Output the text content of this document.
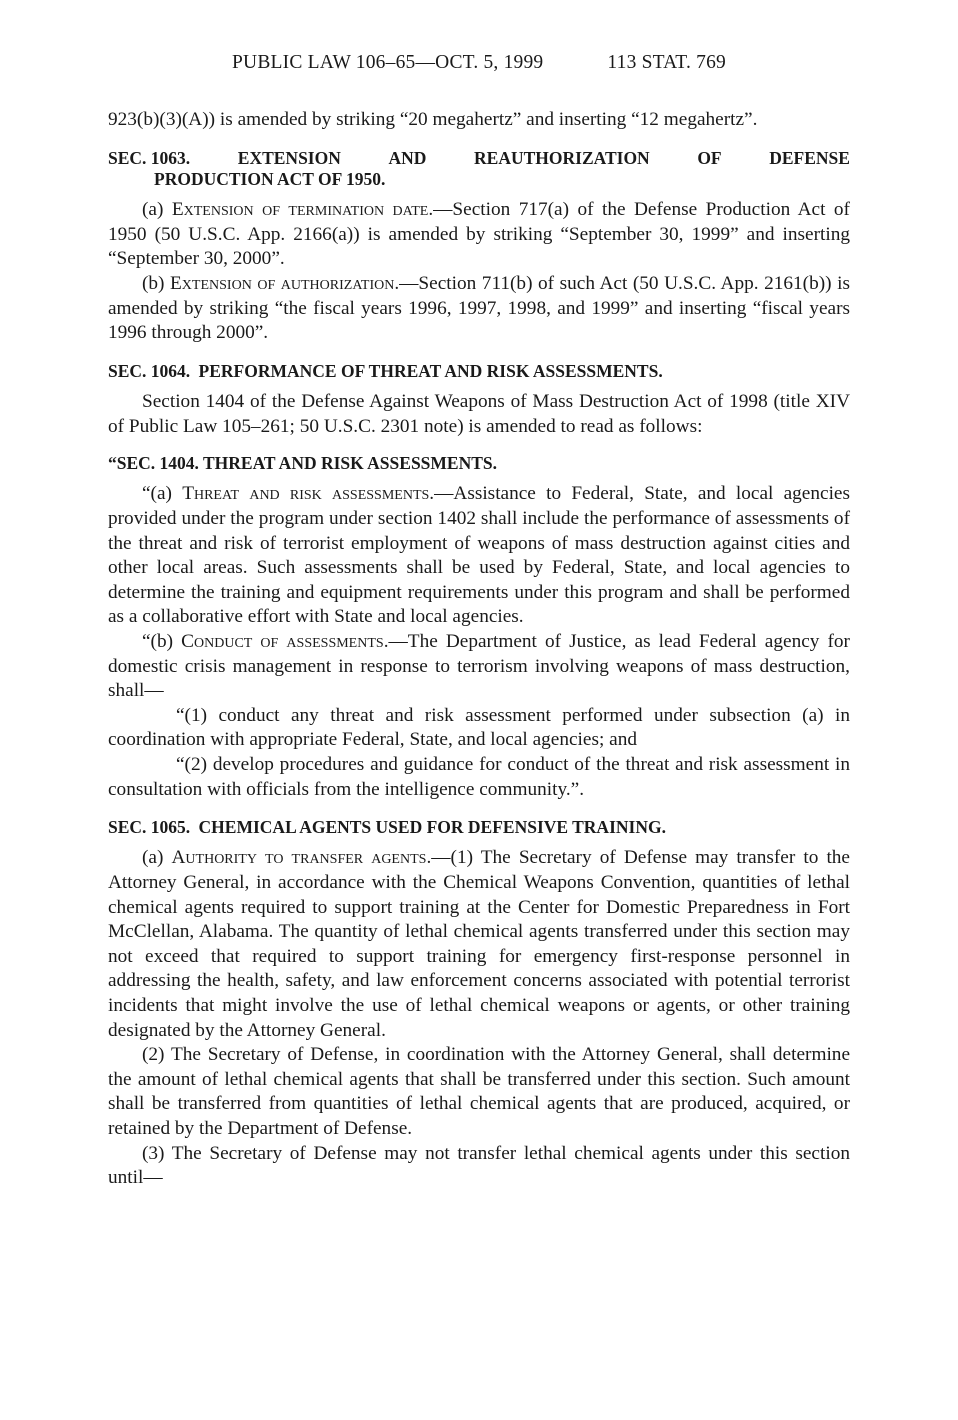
PUBLIC LAW 106–65—OCT. 5, 1999	113 STAT. 769

923(b)(3)(A)) is amended by striking “20 megahertz” and inserting “12 megahertz”.

SEC. 1063.	EXTENSION	AND	REAUTHORIZATION	OF	DEFENSE
PRODUCTION ACT OF 1950.

(a) Extension of termination date.—Section 717(a) of the Defense Production Act of 1950 (50 U.S.C. App. 2166(a)) is amended by striking “September 30, 1999” and inserting “September 30, 2000”.

(b) Extension of authorization.—Section 711(b) of such Act (50 U.S.C. App. 2161(b)) is amended by striking “the fiscal years 1996, 1997, 1998, and 1999” and inserting “fiscal years 1996 through 2000”.

SEC. 1064. PERFORMANCE OF THREAT AND RISK ASSESSMENTS.

Section 1404 of the Defense Against Weapons of Mass Destruction Act of 1998 (title XIV of Public Law 105–261; 50 U.S.C. 2301 note) is amended to read as follows:

“SEC. 1404. THREAT AND RISK ASSESSMENTS.

“(a) Threat and risk assessments.—Assistance to Federal, State, and local agencies provided under the program under section 1402 shall include the performance of assessments of the threat and risk of terrorist employment of weapons of mass destruction against cities and other local areas. Such assessments shall be used by Federal, State, and local agencies to determine the training and equipment requirements under this program and shall be performed as a collaborative effort with State and local agencies.

“(b) Conduct of assessments.—The Department of Justice, as lead Federal agency for domestic crisis management in response to terrorism involving weapons of mass destruction, shall—

“(1) conduct any threat and risk assessment performed under subsection (a) in coordination with appropriate Federal, State, and local agencies; and

“(2) develop procedures and guidance for conduct of the threat and risk assessment in consultation with officials from the intelligence community.”.

SEC. 1065. CHEMICAL AGENTS USED FOR DEFENSIVE TRAINING.

(a) Authority to transfer agents.—(1) The Secretary of Defense may transfer to the Attorney General, in accordance with the Chemical Weapons Convention, quantities of lethal chemical agents required to support training at the Center for Domestic Preparedness in Fort McClellan, Alabama. The quantity of lethal chemical agents transferred under this section may not exceed that required to support training for emergency first-response personnel in addressing the health, safety, and law enforcement concerns associated with potential terrorist incidents that might involve the use of lethal chemical weapons or agents, or other training designated by the Attorney General.

(2) The Secretary of Defense, in coordination with the Attorney General, shall determine the amount of lethal chemical agents that shall be transferred under this section. Such amount shall be transferred from quantities of lethal chemical agents that are produced, acquired, or retained by the Department of Defense.

(3) The Secretary of Defense may not transfer lethal chemical agents under this section until—
